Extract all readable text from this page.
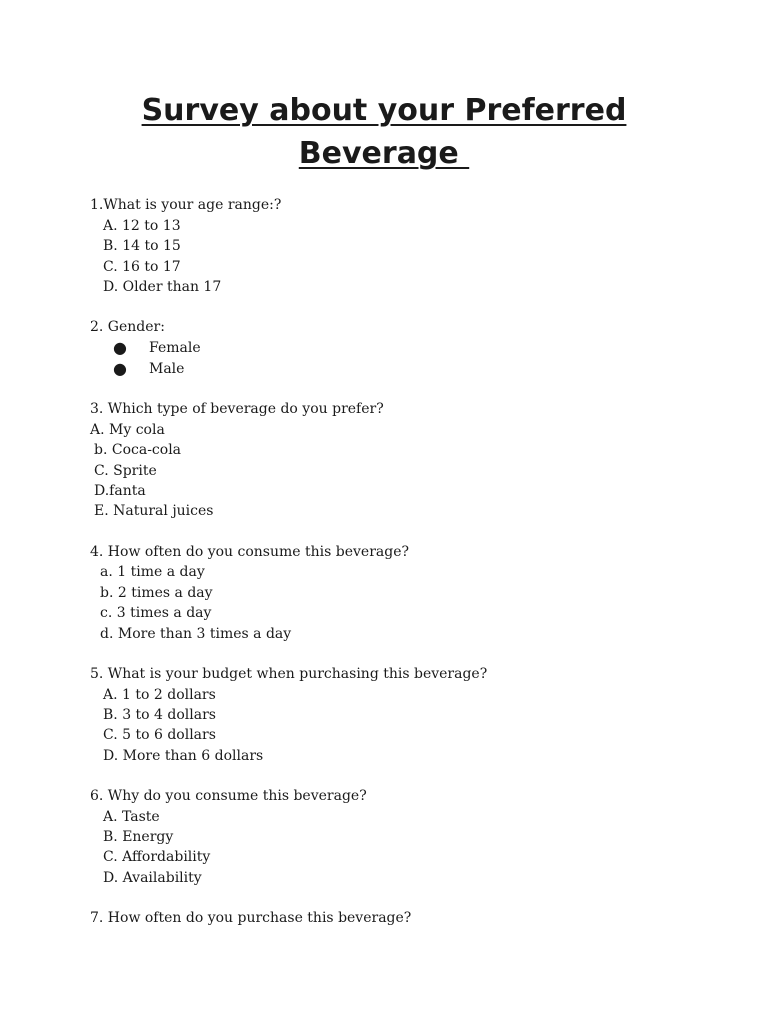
Survey about your Preferred
Beverage

1.What is your age range:?

A. 12 to 13

B. 14 to 15

C. 16 to 17

D. Older than 17

2. Gender:

● Female

● Male

3. Which type of beverage do you prefer?

A. My cola

b. Coca-cola

C. Sprite

D.fanta

E. Natural juices

4. How often do you consume this beverage?

a. 1 time a day

b. 2 times a day

c. 3 times a day

d. More than 3 times a day

5. What is your budget when purchasing this beverage?

A. 1 to 2 dollars

B. 3 to 4 dollars

C. 5 to 6 dollars

D. More than 6 dollars

6. Why do you consume this beverage?

A. Taste

B. Energy

C. Affordability

D. Availability

7. How often do you purchase this beverage?
